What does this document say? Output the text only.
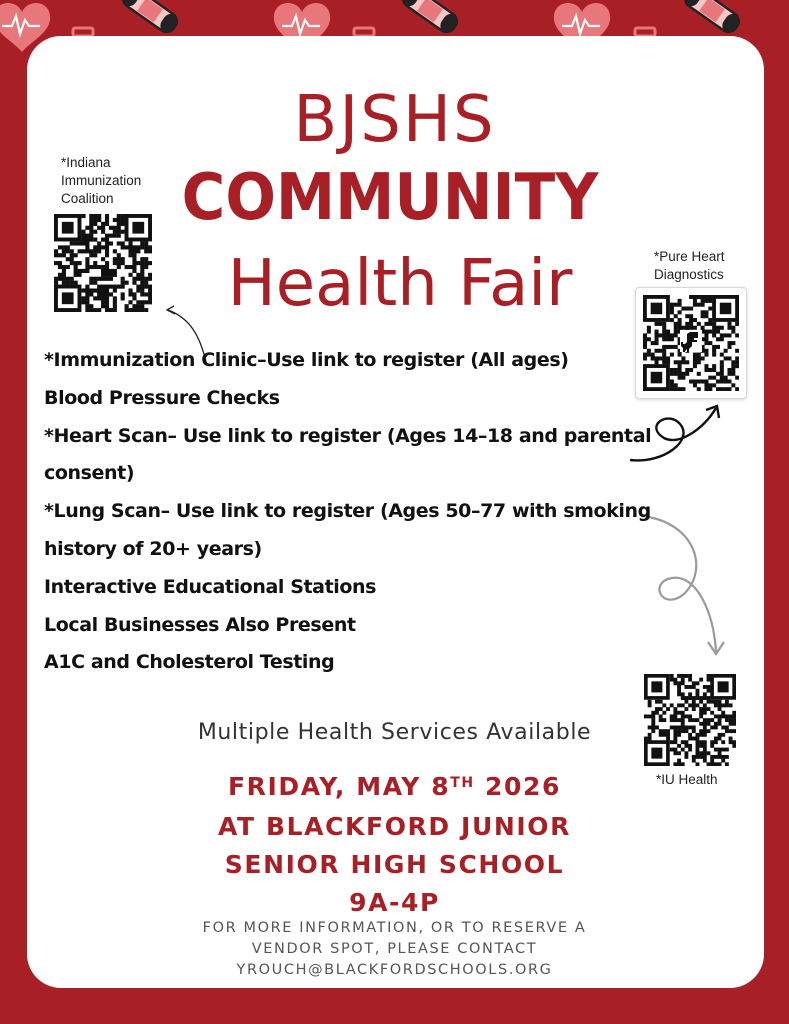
BJSHS
COMMUNITY
Health Fair
*Indiana
Immunization
Coalition
*Pure Heart
Diagnostics
*IU Health
*Immunization Clinic–Use link to register (All ages)
Blood Pressure Checks
*Heart Scan– Use link to register (Ages 14–18 and parental
consent)
*Lung Scan– Use link to register (Ages 50–77 with smoking
history of 20+ years)
Interactive Educational Stations
Local Businesses Also Present
A1C and Cholesterol Testing
Multiple Health Services Available
FRIDAY, MAY 8TH 2026
AT BLACKFORD JUNIOR
SENIOR HIGH SCHOOL
9A-4P
FOR MORE INFORMATION, OR TO RESERVE A
VENDOR SPOT, PLEASE CONTACT
YROUCH@BLACKFORDSCHOOLS.ORG
